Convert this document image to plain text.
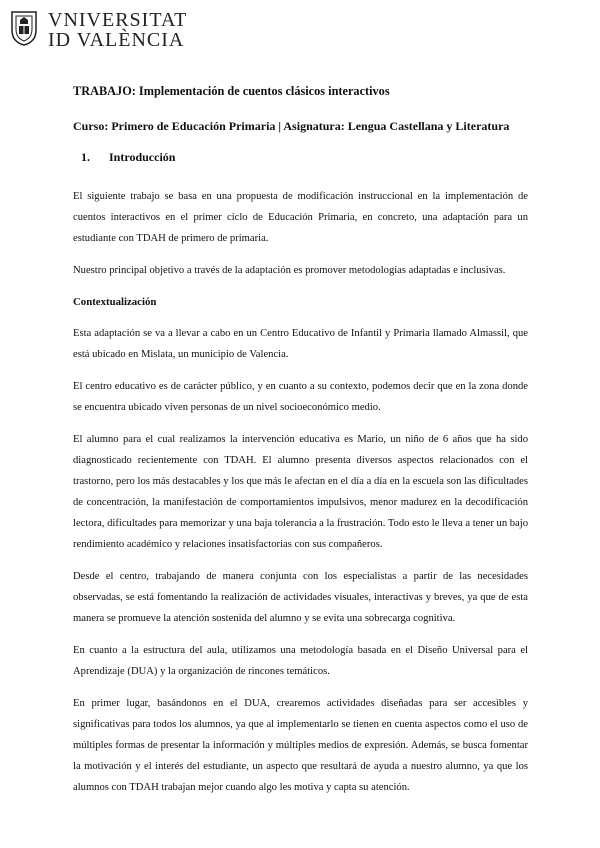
VNIVERSITAT
ID VALÈNCIA
TRABAJO: Implementación de cuentos clásicos interactivos
Curso: Primero de Educación Primaria | Asignatura: Lengua Castellana y Literatura
1. Introducción

El siguiente trabajo se basa en una propuesta de modificación instruccional en la implementación de cuentos interactivos en el primer ciclo de Educación Primaria, en concreto, una adaptación para un estudiante con TDAH de primero de primaria.

Nuestro principal objetivo a través de la adaptación es promover metodologías adaptadas e inclusivas.

Contextualización

Esta adaptación se va a llevar a cabo en un Centro Educativo de Infantil y Primaria llamado Almassil, que está ubicado en Mislata, un municipio de Valencia.

El centro educativo es de carácter público, y en cuanto a su contexto, podemos decir que en la zona donde se encuentra ubicado viven personas de un nivel socioeconómico medio.

El alumno para el cual realizamos la intervención educativa es Mario, un niño de 6 años que ha sido diagnosticado recientemente con TDAH. El alumno presenta diversos aspectos relacionados con el trastorno, pero los más destacables y los que más le afectan en el día a día en la escuela son las dificultades de concentración, la manifestación de comportamientos impulsivos, menor madurez en la decodificación lectora, dificultades para memorizar y una baja tolerancia a la frustración. Todo esto le lleva a tener un bajo rendimiento académico y relaciones insatisfactorias con sus compañeros.

Desde el centro, trabajando de manera conjunta con los especialistas a partir de las necesidades observadas, se está fomentando la realización de actividades visuales, interactivas y breves, ya que de esta manera se promueve la atención sostenida del alumno y se evita una sobrecarga cognitiva.

En cuanto a la estructura del aula, utilizamos una metodología basada en el Diseño Universal para el Aprendizaje (DUA) y la organización de rincones temáticos.

En primer lugar, basándonos en el DUA, crearemos actividades diseñadas para ser accesibles y significativas para todos los alumnos, ya que al implementarlo se tienen en cuenta aspectos como el uso de múltiples formas de presentar la información y múltiples medios de expresión. Además, se busca fomentar la motivación y el interés del estudiante, un aspecto que resultará de ayuda a nuestro alumno, ya que los alumnos con TDAH trabajan mejor cuando algo les motiva y capta su atención.
